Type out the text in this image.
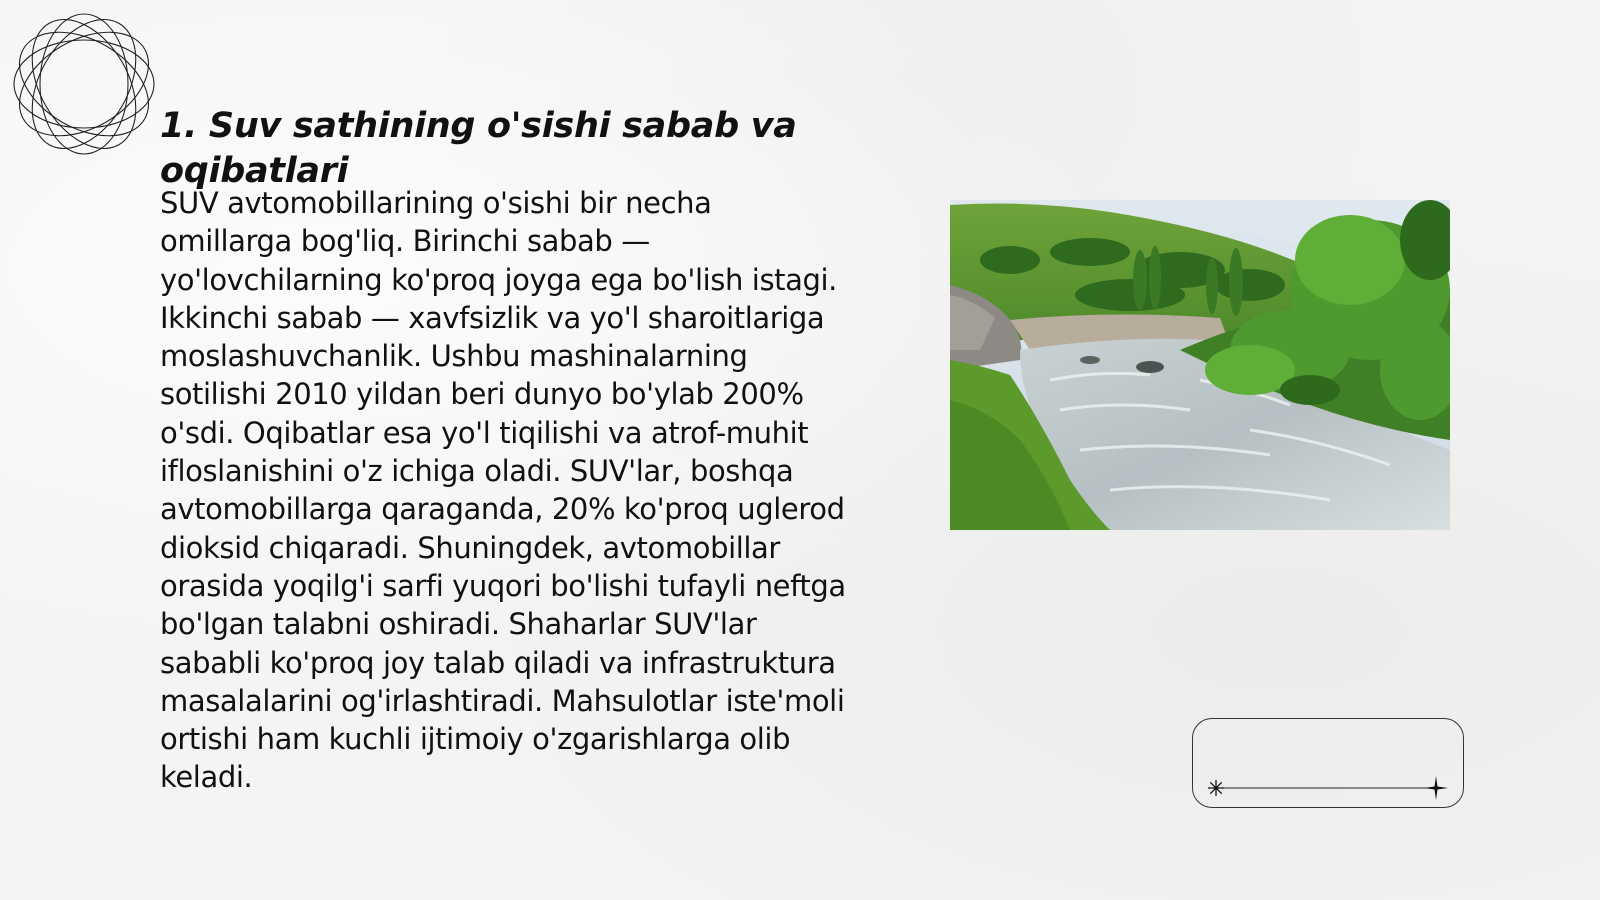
1. Suv sathining o'sishi sabab va oqibatlari

SUV avtomobillarining o'sishi bir necha omillarga bog'liq. Birinchi sabab — yo'lovchilarning ko'proq joyga ega bo'lish istagi. Ikkinchi sabab — xavfsizlik va yo'l sharoitlariga moslashuvchanlik. Ushbu mashinalarning sotilishi 2010 yildan beri dunyo bo'ylab 200% o'sdi. Oqibatlar esa yo'l tiqilishi va atrof-muhit ifloslanishini o'z ichiga oladi. SUV'lar, boshqa avtomobillarga qaraganda, 20% ko'proq uglerod dioksid chiqaradi. Shuningdek, avtomobillar orasida yoqilg'i sarfi yuqori bo'lishi tufayli neftga bo'lgan talabni oshiradi. Shaharlar SUV'lar sababli ko'proq joy talab qiladi va infrastruktura masalalarini og'irlashtiradi. Mahsulotlar iste'moli ortishi ham kuchli ijtimoiy o'zgarishlarga olib keladi.
